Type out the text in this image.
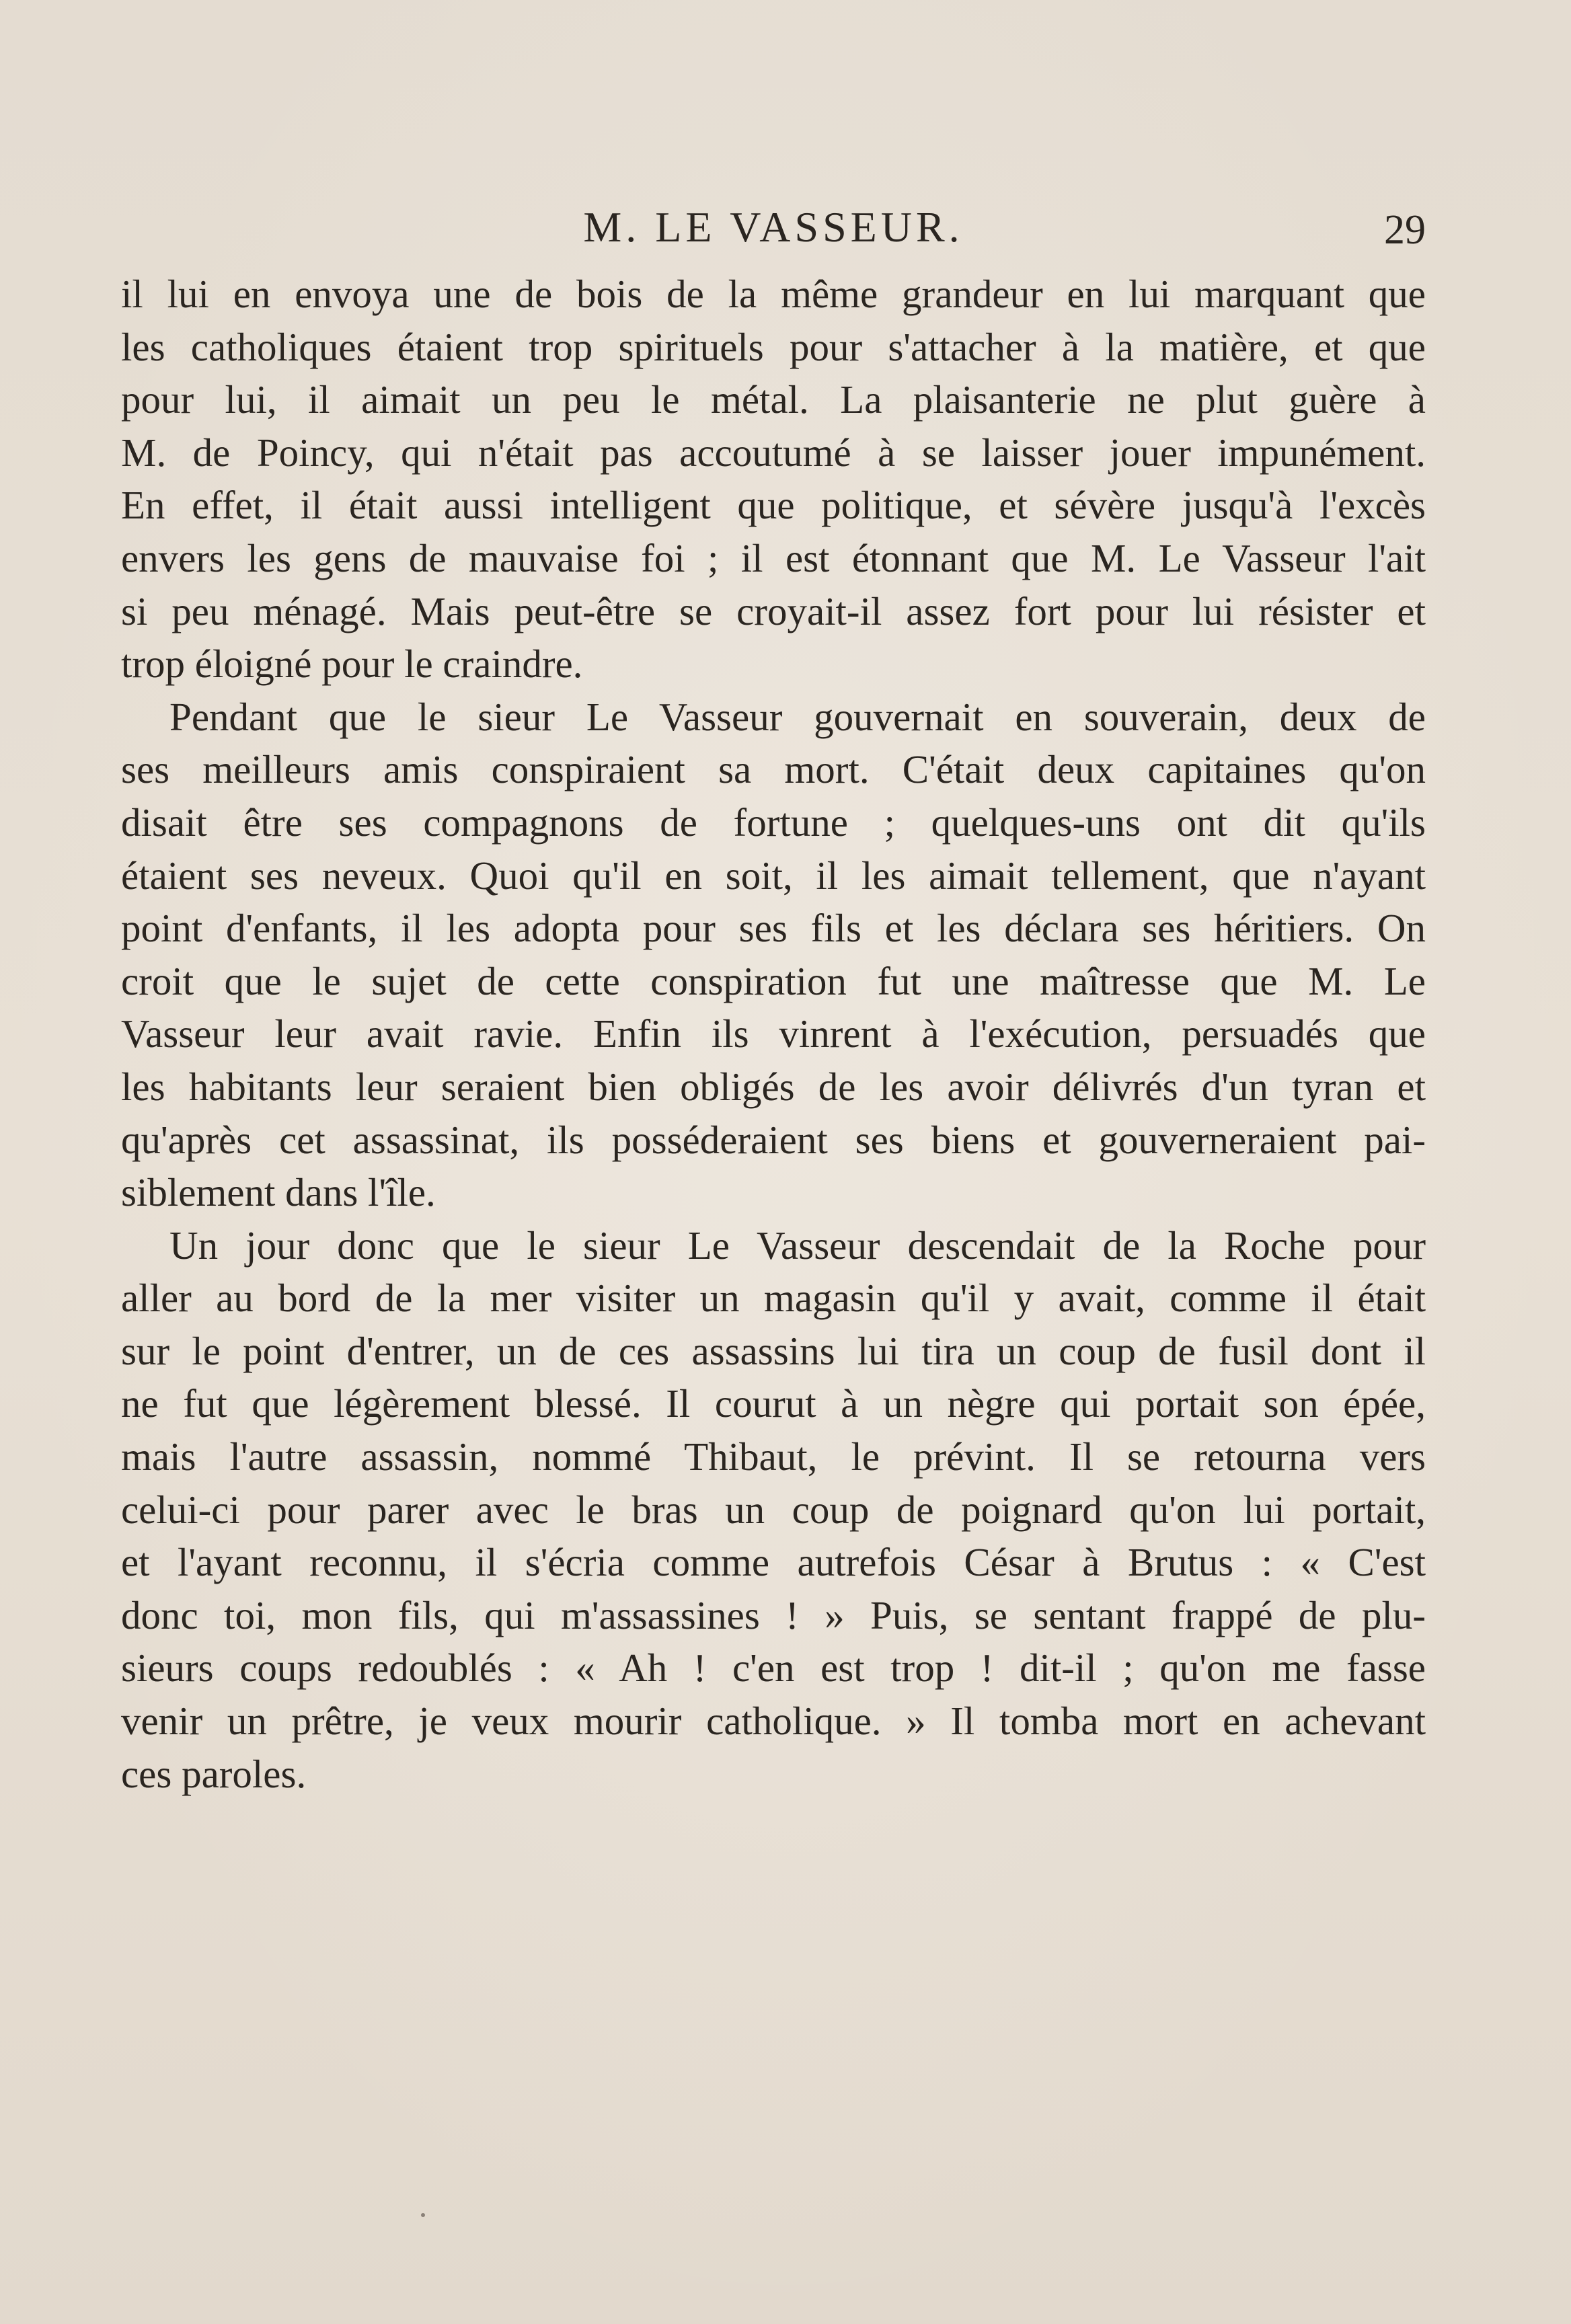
M. LE VASSEUR.	29
il lui en envoya une de bois de la même grandeur en lui marquant que
les catholiques étaient trop spirituels pour s'attacher à la matière, et que
pour lui, il aimait un peu le métal. La plaisanterie ne plut guère à
M. de Poincy, qui n'était pas accoutumé à se laisser jouer impunément.
En effet, il était aussi intelligent que politique, et sévère jusqu'à l'excès
envers les gens de mauvaise foi ; il est étonnant que M. Le Vasseur l'ait
si peu ménagé. Mais peut-être se croyait-il assez fort pour lui résister et
trop éloigné pour le craindre.
Pendant que le sieur Le Vasseur gouvernait en souverain, deux de
ses meilleurs amis conspiraient sa mort. C'était deux capitaines qu'on
disait être ses compagnons de fortune ; quelques-uns ont dit qu'ils
étaient ses neveux. Quoi qu'il en soit, il les aimait tellement, que n'ayant
point d'enfants, il les adopta pour ses fils et les déclara ses héritiers. On
croit que le sujet de cette conspiration fut une maîtresse que M. Le
Vasseur leur avait ravie. Enfin ils vinrent à l'exécution, persuadés que
les habitants leur seraient bien obligés de les avoir délivrés d'un tyran et
qu'après cet assassinat, ils posséderaient ses biens et gouverneraient pai-
siblement dans l'île.
Un jour donc que le sieur Le Vasseur descendait de la Roche pour
aller au bord de la mer visiter un magasin qu'il y avait, comme il était
sur le point d'entrer, un de ces assassins lui tira un coup de fusil dont il
ne fut que légèrement blessé. Il courut à un nègre qui portait son épée,
mais l'autre assassin, nommé Thibaut, le prévint. Il se retourna vers
celui-ci pour parer avec le bras un coup de poignard qu'on lui portait,
et l'ayant reconnu, il s'écria comme autrefois César à Brutus : « C'est
donc toi, mon fils, qui m'assassines ! » Puis, se sentant frappé de plu-
sieurs coups redoublés : « Ah ! c'en est trop ! dit-il ; qu'on me fasse
venir un prêtre, je veux mourir catholique. » Il tomba mort en achevant
ces paroles.
